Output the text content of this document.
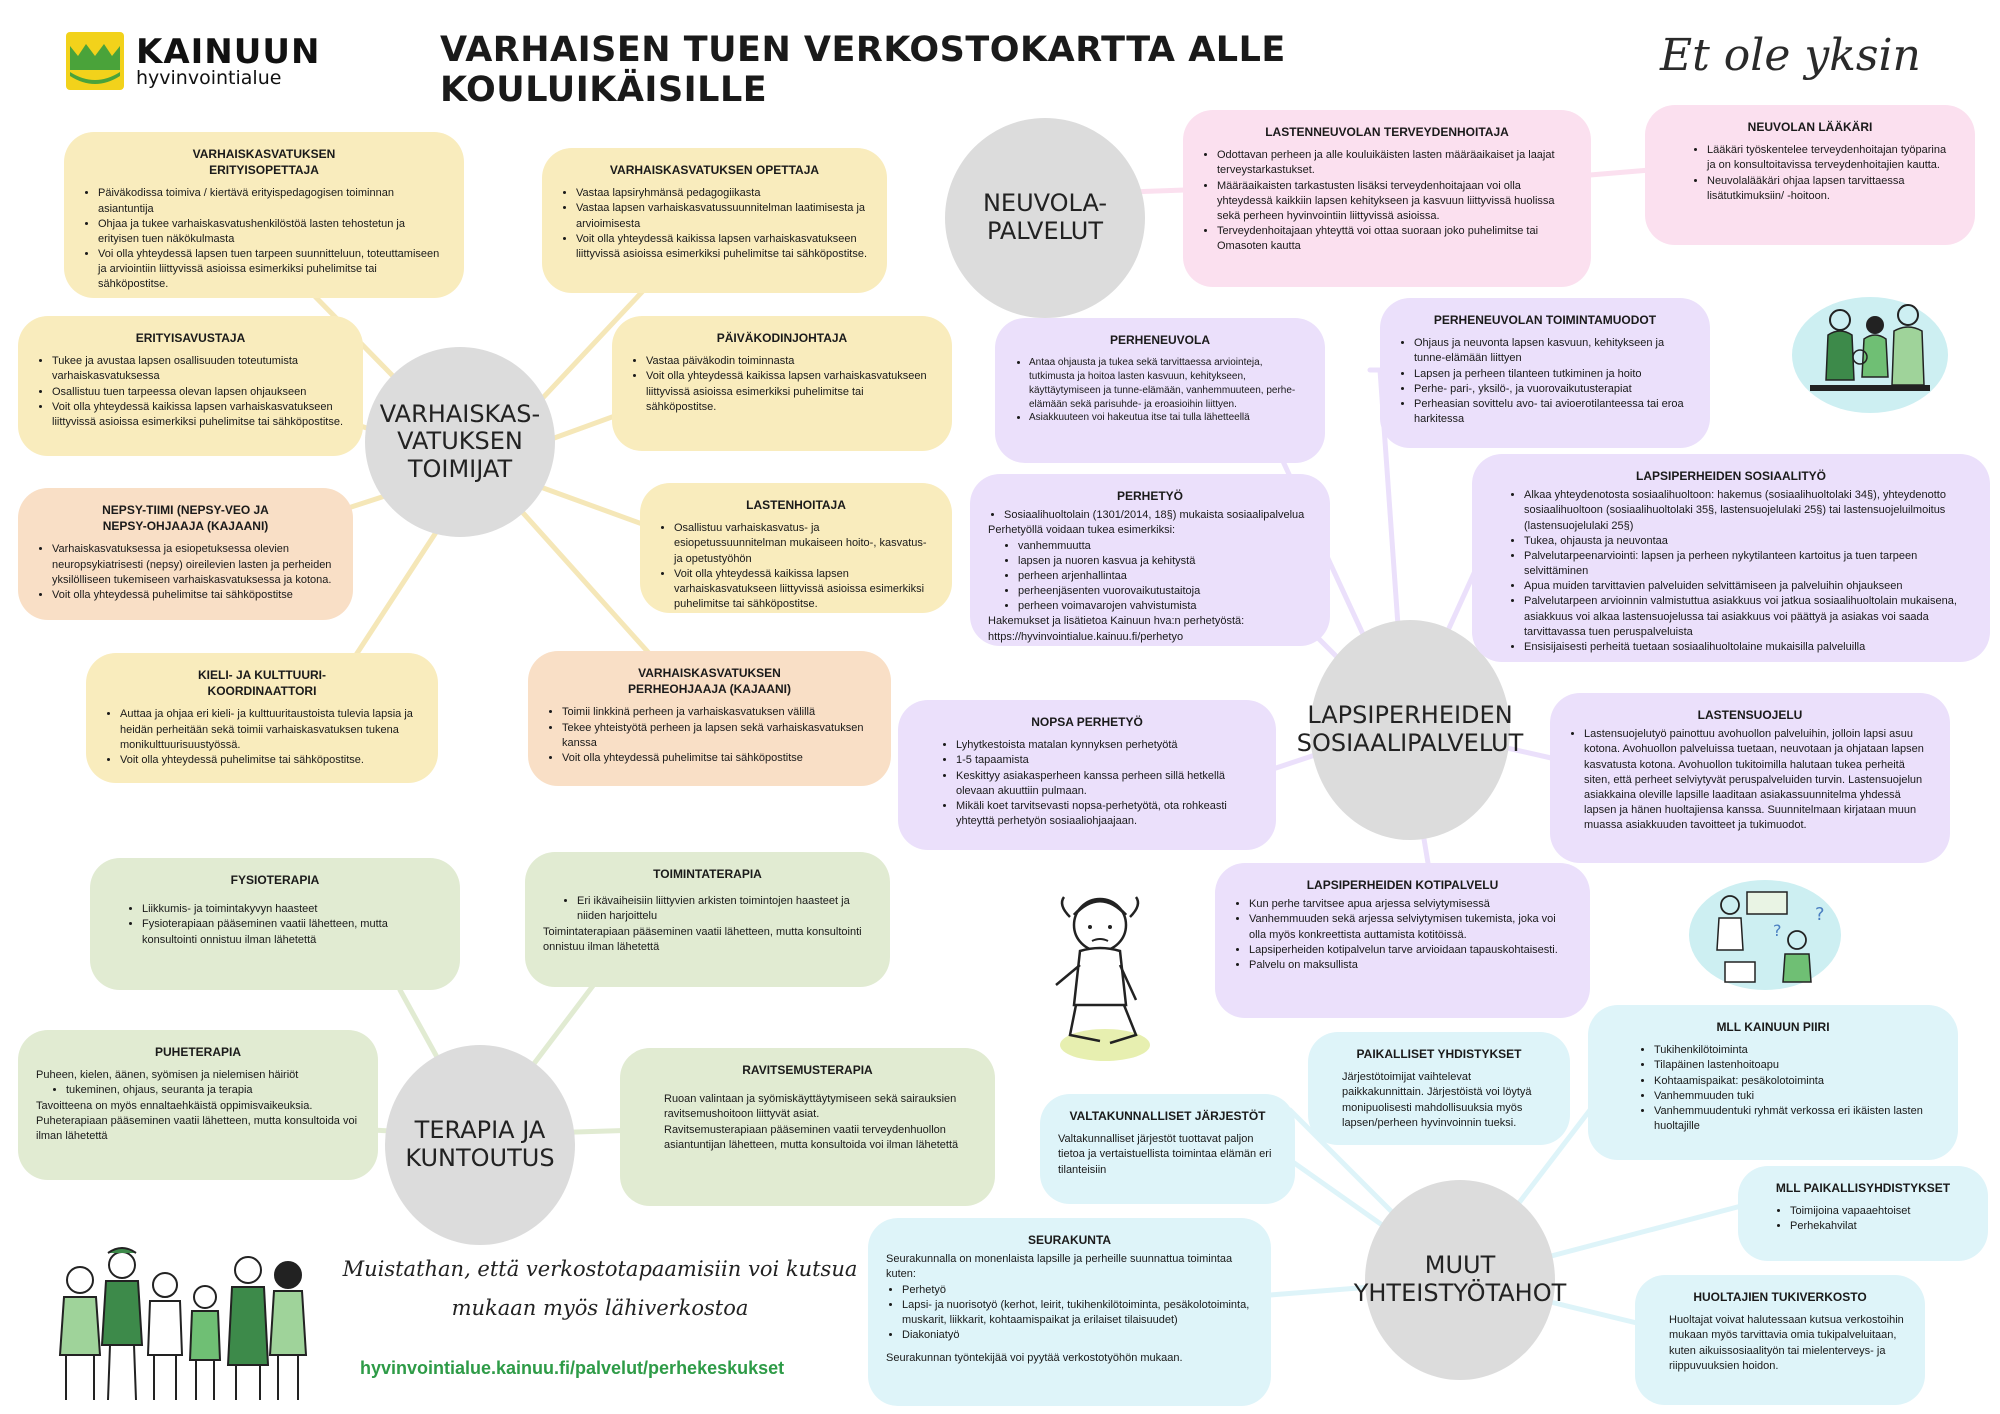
KAINUUN
hyvinvointialue
VARHAISEN TUEN VERKOSTOKARTTA ALLE KOULUIKÄISILLE
Et ole yksin
VARHAISKAS-
VATUKSEN
TOIMIJAT
NEUVOLA-
PALVELUT
LAPSIPERHEIDEN
SOSIAALIPALVELUT
TERAPIA JA
KUNTOUTUS
MUUT
YHTEISTYÖTAHOT
VARHAISKASVATUKSEN
ERITYISOPETTAJA
• Päiväkodissa toimiva / kiertävä erityispedagogisen toiminnan asiantuntija
• Ohjaa ja tukee varhaiskasvatushenkilöstöä lasten tehostetun ja erityisen tuen näkökulmasta
• Voi olla yhteydessä lapsen tuen tarpeen suunnitteluun, toteuttamiseen ja arviointiin liittyvissä asioissa esimerkiksi puhelimitse tai sähköpostitse.
VARHAISKASVATUKSEN OPETTAJA
• Vastaa lapsiryhmänsä pedagogiikasta
• Vastaa lapsen varhaiskasvatussuunnitelman laatimisesta ja arvioimisesta
• Voit olla yhteydessä kaikissa lapsen varhaiskasvatukseen liittyvissä asioissa esimerkiksi puhelimitse tai sähköpostitse.
ERITYISAVUSTAJA
• Tukee ja avustaa lapsen osallisuuden toteutumista varhaiskasvatuksessa
• Osallistuu tuen tarpeessa olevan lapsen ohjaukseen
• Voit olla yhteydessä kaikissa lapsen varhaiskasvatukseen liittyvissä asioissa esimerkiksi puhelimitse tai sähköpostitse.
PÄIVÄKODINJOHTAJA
• Vastaa päiväkodin toiminnasta
• Voit olla yhteydessä kaikissa lapsen varhaiskasvatukseen liittyvissä asioissa esimerkiksi puhelimitse tai sähköpostitse.
NEPSY-TIIMI (NEPSY-VEO JA
NEPSY-OHJAAJA (KAJAANI)
• Varhaiskasvatuksessa ja esiopetuksessa olevien neuropsykiatrisesti (nepsy) oireilevien lasten ja perheiden yksilölliseen tukemiseen varhaiskasvatuksessa ja kotona.
• Voit olla yhteydessä puhelimitse tai sähköpostitse
LASTENHOITAJA
• Osallistuu varhaiskasvatus- ja esiopetussuunnitelman mukaiseen hoito-, kasvatus- ja opetustyöhön
• Voit olla yhteydessä kaikissa lapsen varhaiskasvatukseen liittyvissä asioissa esimerkiksi puhelimitse tai sähköpostitse.
KIELI- JA KULTTUURI-
KOORDINAATTORI
• Auttaa ja ohjaa eri kieli- ja kulttuuritaustoista tulevia lapsia ja heidän perheitään sekä toimii varhaiskasvatuksen tukena monikulttuurisuustyössä.
• Voit olla yhteydessä puhelimitse tai sähköpostitse.
VARHAISKASVATUKSEN
PERHEOHJAAJA (KAJAANI)
• Toimii linkkinä perheen ja varhaiskasvatuksen välillä
• Tekee yhteistyötä perheen ja lapsen sekä varhaiskasvatuksen kanssa
• Voit olla yhteydessä puhelimitse tai sähköpostitse
LASTENNEUVOLAN TERVEYDENHOITAJA
• Odottavan perheen ja alle kouluikäisten lasten määräaikaiset ja laajat terveystarkastukset.
• Määräaikaisten tarkastusten lisäksi terveydenhoitajaan voi olla yhteydessä kaikkiin lapsen kehitykseen ja kasvuun liittyvissä huolissa sekä perheen hyvinvointiin liittyvissä asioissa.
• Terveydenhoitajaan yhteyttä voi ottaa suoraan joko puhelimitse tai Omasoten kautta
NEUVOLAN LÄÄKÄRI
• Lääkäri työskentelee terveydenhoitajan työparina ja on konsultoitavissa terveydenhoitajien kautta.
• Neuvolalääkäri ohjaa lapsen tarvittaessa lisätutkimuksiin/ -hoitoon.
PERHENEUVOLA
• Antaa ohjausta ja tukea sekä tarvittaessa arviointeja, tutkimusta ja hoitoa lasten kasvuun, kehitykseen, käyttäytymiseen ja tunne-elämään, vanhemmuuteen, perhe-elämään sekä parisuhde- ja eroasioihin liittyen.
• Asiakkuuteen voi hakeutua itse tai tulla lähetteellä
PERHENEUVOLAN TOIMINTAMUODOT
• Ohjaus ja neuvonta lapsen kasvuun, kehitykseen ja tunne-elämään liittyen
• Lapsen ja perheen tilanteen tutkiminen ja hoito
• Perhe- pari-, yksilö-, ja vuorovaikutusterapiat
• Perheasian sovittelu avo- tai avioerotilanteessa tai eroa harkitessa
PERHETYÖ
• Sosiaalihuoltolain (1301/2014, 18§) mukaista sosiaalipalvelua

Perhetyöllä voidaan tukea esimerkiksi:

• vanhemmuutta
• lapsen ja nuoren kasvua ja kehitystä
• perheen arjenhallintaa
• perheenjäsenten vuorovaikutustaitoja
• perheen voimavarojen vahvistumista

Hakemukset ja lisätietoa Kainuun hva:n perhetyöstä: https://hyvinvointialue.kainuu.fi/perhetyo

LAPSIPERHEIDEN SOSIAALITYÖ
• Alkaa yhteydenotosta sosiaalihuoltoon: hakemus (sosiaalihuoltolaki 34§), yhteydenotto sosiaalihuoltoon (sosiaalihuoltolaki 35§, lastensuojelulaki 25§) tai lastensuojeluilmoitus (lastensuojelulaki 25§)
• Tukea, ohjausta ja neuvontaa
• Palvelutarpeenarviointi: lapsen ja perheen nykytilanteen kartoitus ja tuen tarpeen selvittäminen
• Apua muiden tarvittavien palveluiden selvittämiseen ja palveluihin ohjaukseen
• Palvelutarpeen arvioinnin valmistuttua asiakkuus voi jatkua sosiaalihuoltolain mukaisena, asiakkuus voi alkaa lastensuojelussa tai asiakkuus voi päättyä ja asiakas voi saada tarvittavassa tuen peruspalveluista
• Ensisijaisesti perheitä tuetaan sosiaalihuoltolaine mukaisilla palveluilla
NOPSA PERHETYÖ
• Lyhytkestoista matalan kynnyksen perhetyötä
• 1-5 tapaamista
• Keskittyy asiakasperheen kanssa perheen sillä hetkellä olevaan akuuttiin pulmaan.
• Mikäli koet tarvitsevasti nopsa-perhetyötä, ota rohkeasti yhteyttä perhetyön sosiaaliohjaajaan.
LASTENSUOJELU
• Lastensuojelutyö painottuu avohuollon palveluihin, jolloin lapsi asuu kotona. Avohuollon palveluissa tuetaan, neuvotaan ja ohjataan lapsen kasvatusta kotona. Avohuollon tukitoimilla halutaan tukea perheitä siten, että perheet selviytyvät peruspalveluiden turvin. Lastensuojelun asiakkaina oleville lapsille laaditaan asiakassuunnitelma yhdessä lapsen ja hänen huoltajiensa kanssa. Suunnitelmaan kirjataan muun muassa asiakkuuden tavoitteet ja tukimuodot.
LAPSIPERHEIDEN KOTIPALVELU
• Kun perhe tarvitsee apua arjessa selviytymisessä
• Vanhemmuuden sekä arjessa selviytymisen tukemista, joka voi olla myös konkreettista auttamista kotitöissä.
• Lapsiperheiden kotipalvelun tarve arvioidaan tapauskohtaisesti.
• Palvelu on maksullista
FYSIOTERAPIA
• Liikkumis- ja toimintakyvyn haasteet
• Fysioterapiaan pääseminen vaatii lähetteen, mutta konsultointi onnistuu ilman lähetettä
TOIMINTATERAPIA
• Eri ikävaiheisiin liittyvien arkisten toimintojen haasteet ja niiden harjoittelu

Toimintaterapiaan pääseminen vaatii lähetteen, mutta konsultointi onnistuu ilman lähetettä

PUHETERAPIA

Puheen, kielen, äänen, syömisen ja nielemisen häiriöt

• tukeminen, ohjaus, seuranta ja terapia

Tavoitteena on myös ennaltaehkäistä oppimisvaikeuksia. Puheterapiaan pääseminen vaatii lähetteen, mutta konsultoida voi ilman lähetettä

RAVITSEMUSTERAPIA

Ruoan valintaan ja syömiskäyttäytymiseen sekä sairauksien ravitsemushoitoon liittyvät asiat.

Ravitsemusterapiaan pääseminen vaatii terveydenhuollon asiantuntijan lähetteen, mutta konsultoida voi ilman lähetettä

PAIKALLISET YHDISTYKSET

Järjestötoimijat vaihtelevat paikkakunnittain. Järjestöistä voi löytyä monipuolisesti mahdollisuuksia myös lapsen/perheen hyvinvoinnin tueksi.

MLL KAINUUN PIIRI
• Tukihenkilötoiminta
• Tilapäinen lastenhoitoapu
• Kohtaamispaikat: pesäkolotoiminta
• Vanhemmuuden tuki
• Vanhemmuudentuki ryhmät verkossa eri ikäisten lasten huoltajille
VALTAKUNNALLISET JÄRJESTÖT

Valtakunnalliset järjestöt tuottavat paljon tietoa ja vertaistuellista toimintaa elämän eri tilanteisiin

MLL PAIKALLISYHDISTYKSET
• Toimijoina vapaaehtoiset
• Perhekahvilat
SEURAKUNTA

Seurakunnalla on monenlaista lapsille ja perheille suunnattua toimintaa kuten:

• Perhetyö
• Lapsi- ja nuorisotyö (kerhot, leirit, tukihenkilötoiminta, pesäkolotoiminta, muskarit, liikkarit, kohtaamispaikat ja erilaiset tilaisuudet)
• Diakoniatyö

Seurakunnan työntekijää voi pyytää verkostotyöhön mukaan.

HUOLTAJIEN TUKIVERKOSTO

Huoltajat voivat halutessaan kutsua verkostoihin mukaan myös tarvittavia omia tukipalveluitaan, kuten aikuissosiaalityön tai mielenterveys- ja riippuvuuksien hoidon.

?
?
Muistathan, että verkostotapaamisiin voi kutsua mukaan myös lähiverkostoa
hyvinvointialue.kainuu.fi/palvelut/perhekeskukset
